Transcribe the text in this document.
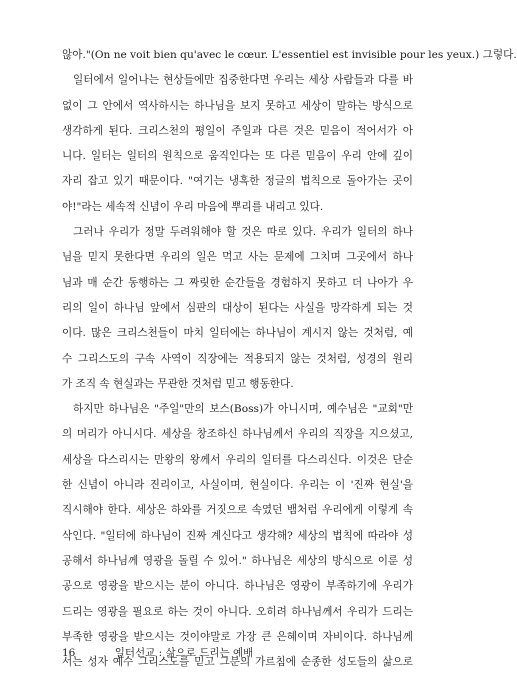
않아."(On ne voit bien qu'avec le cœur. L'essentiel est invisible pour les yeux.) 그렇다.
일터에서 일어나는 현상들에만 집중한다면 우리는 세상 사람들과 다를 바
없이 그 안에서 역사하시는 하나님을 보지 못하고 세상이 말하는 방식으로
생각하게 된다. 크리스천의 평일이 주일과 다른 것은 믿음이 적어서가 아
니다. 일터는 일터의 원칙으로 움직인다는 또 다른 믿음이 우리 안에 깊이
자리 잡고 있기 때문이다. "여기는 냉혹한 정글의 법칙으로 돌아가는 곳이
야!"라는 세속적 신념이 우리 마음에 뿌리를 내리고 있다.
그러나 우리가 정말 두려워해야 할 것은 따로 있다. 우리가 일터의 하나
님을 믿지 못한다면 우리의 일은 먹고 사는 문제에 그치며 그곳에서 하나
님과 매 순간 동행하는 그 짜릿한 순간들을 경험하지 못하고 더 나아가 우
리의 일이 하나님 앞에서 심판의 대상이 된다는 사실을 망각하게 되는 것
이다. 많은 크리스천들이 마치 일터에는 하나님이 계시지 않는 것처럼, 예
수 그리스도의 구속 사역이 직장에는 적용되지 않는 것처럼, 성경의 원리
가 조직 속 현실과는 무관한 것처럼 믿고 행동한다.
하지만 하나님은 "주일"만의 보스(Boss)가 아니시며, 예수님은 "교회"만
의 머리가 아니시다. 세상을 창조하신 하나님께서 우리의 직장을 지으셨고,
세상을 다스리시는 만왕의 왕께서 우리의 일터를 다스리신다. 이것은 단순
한 신념이 아니라 진리이고, 사실이며, 현실이다. 우리는 이 '진짜 현실'을
직시해야 한다. 세상은 하와를 거짓으로 속였던 뱀처럼 우리에게 이렇게 속
삭인다. "일터에 하나님이 진짜 계신다고 생각해? 세상의 법칙에 따라야 성
공해서 하나님께 영광을 돌릴 수 있어." 하나님은 세상의 방식으로 이룬 성
공으로 영광을 받으시는 분이 아니다. 하나님은 영광이 부족하기에 우리가
드리는 영광을 필요로 하는 것이 아니다. 오히려 하나님께서 우리가 드리는
부족한 영광을 받으시는 것이야말로 가장 큰 은혜이며 자비이다. 하나님께
서는 성자 예수 그리스도를 믿고 그분의 가르침에 순종한 성도들의 삶으로
16	일터선교 : 삶으로 드리는 예배
